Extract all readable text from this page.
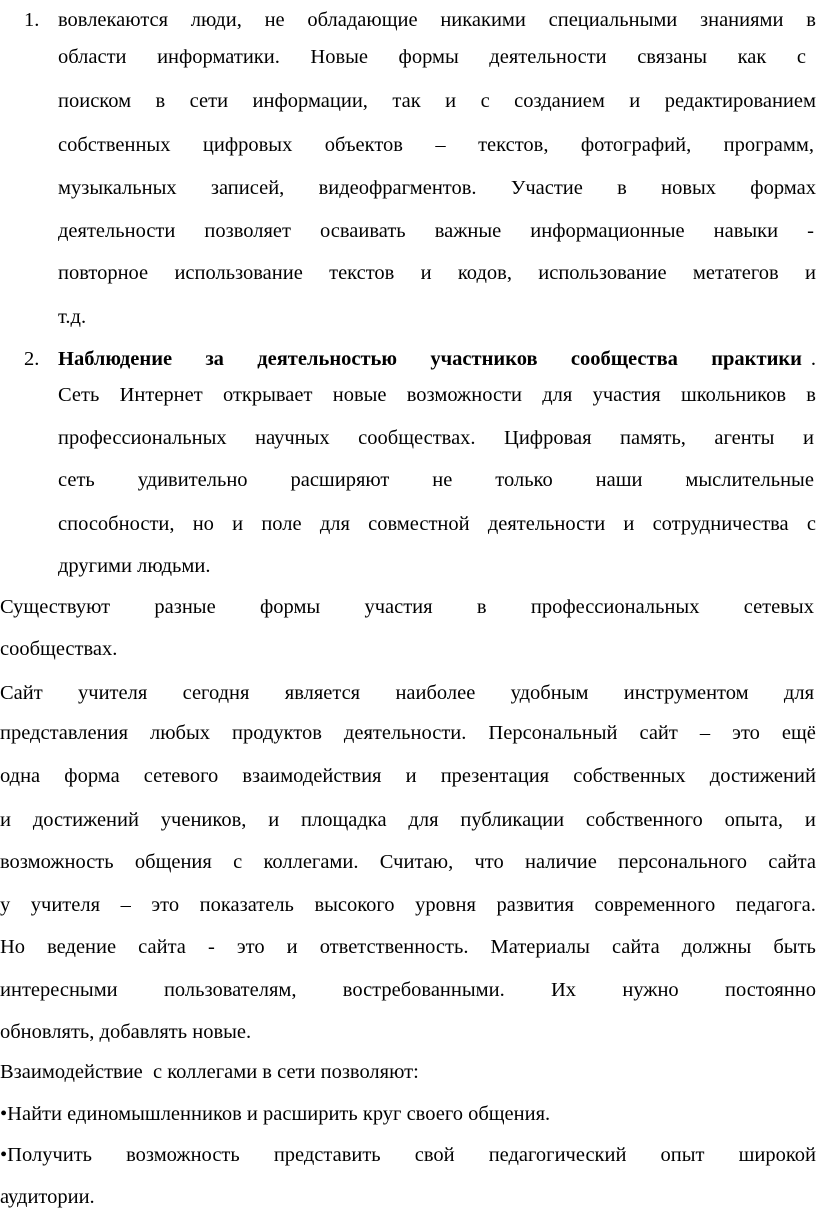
1. вовлекаются люди, не обладающие никакими специальными знаниями в
области информатики. Новые формы деятельности связаны как с
поиском в сети информации, так и с созданием и редактированием
собственных цифровых объектов – текстов, фотографий, программ,
музыкальных записей, видеофрагментов. Участие в новых формах
деятельности позволяет осваивать важные информационные навыки -
повторное использование текстов и кодов, использование метатегов и
т.д.
2. Наблюдение за деятельностью участников сообщества практики .
Сеть Интернет открывает новые возможности для участия школьников в
профессиональных научных сообществах. Цифровая память, агенты и
сеть удивительно расширяют не только наши мыслительные
способности, но и поле для совместной деятельности и сотрудничества с
другими людьми.
Существуют разные формы участия в профессиональных сетевых
сообществах.
Сайт учителя сегодня является наиболее удобным инструментом для
представления любых продуктов деятельности. Персональный сайт – это ещё
одна форма сетевого взаимодействия и презентация собственных достижений
и достижений учеников, и площадка для публикации собственного опыта, и
возможность общения с коллегами. Считаю, что наличие персонального сайта
у учителя – это показатель высокого уровня развития современного педагога.
Но ведение сайта - это и ответственность. Материалы сайта должны быть
интересными пользователям, востребованными. Их нужно постоянно
обновлять, добавлять новые.
Взаимодействие  с коллегами в сети позволяют:
•Найти единомышленников и расширить круг своего общения.
•Получить возможность представить свой педагогический опыт широкой
аудитории.
